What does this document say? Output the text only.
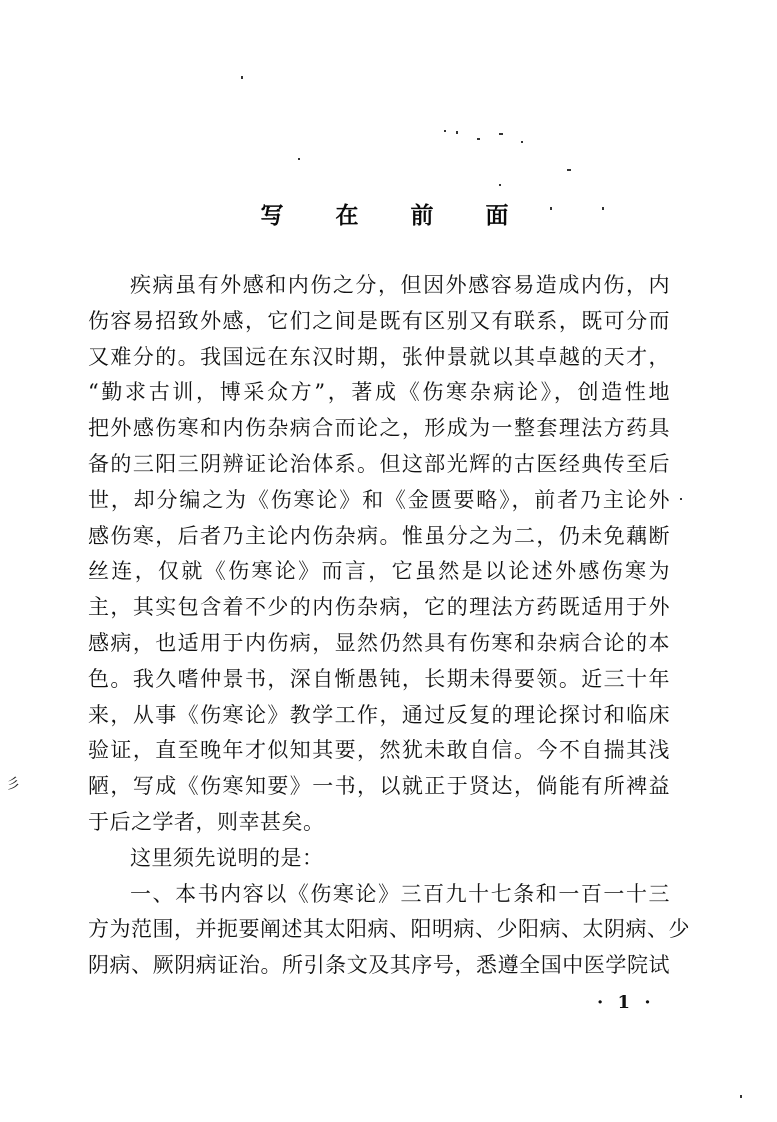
写 在 前 面
疾病虽有外感和内伤之分，但因外感容易造成内伤，内
伤容易招致外感，它们之间是既有区别又有联系，既可分而
又难分的。我国远在东汉时期，张仲景就以其卓越的天才，
“勤求古训，博采众方”，著成《伤寒杂病论》，创造性地
把外感伤寒和内伤杂病合而论之，形成为一整套理法方药具
备的三阳三阴辨证论治体系。但这部光辉的古医经典传至后
世，却分编之为《伤寒论》和《金匮要略》，前者乃主论外
感伤寒，后者乃主论内伤杂病。惟虽分之为二，仍未免藕断
丝连，仅就《伤寒论》而言，它虽然是以论述外感伤寒为
主，其实包含着不少的内伤杂病，它的理法方药既适用于外
感病，也适用于内伤病，显然仍然具有伤寒和杂病合论的本
色。我久嗜仲景书，深自惭愚钝，长期未得要领。近三十年
来，从事《伤寒论》教学工作，通过反复的理论探讨和临床
验证，直至晚年才似知其要，然犹未敢自信。今不自揣其浅
陋，写成《伤寒知要》一书，以就正于贤达，倘能有所裨益
于后之学者，则幸甚矣。
这里须先说明的是：
一、本书内容以《伤寒论》三百九十七条和一百一十三
方为范围，并扼要阐述其太阳病、阳明病、少阳病、太阴病、少
阴病、厥阴病证治。所引条文及其序号，悉遵全国中医学院试
· 1 ·
彡
